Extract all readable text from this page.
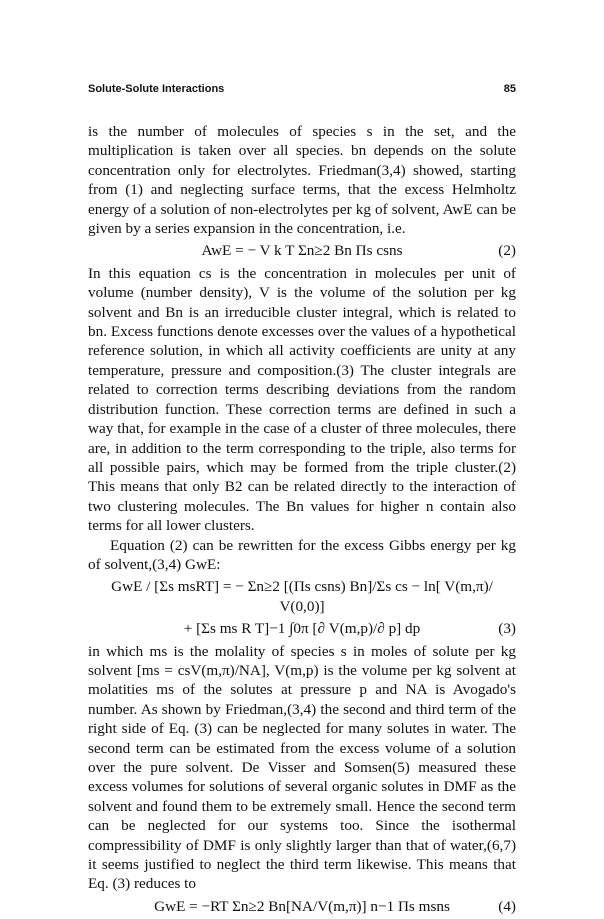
Solute-Solute Interactions	85

is the number of molecules of species s in the set, and the multiplication is taken over all species. bn depends on the solute concentration only for electrolytes. Friedman(3,4) showed, starting from (1) and neglecting surface terms, that the excess Helmholtz energy of a solution of non-electrolytes per kg of solvent, AwE can be given by a series expansion in the concentration, i.e.

AwE = − V k T Σn≥2 Bn Πs csns	(2)

In this equation cs is the concentration in molecules per unit of volume (number density), V is the volume of the solution per kg solvent and Bn is an irreducible cluster integral, which is related to bn. Excess functions denote excesses over the values of a hypothetical reference solution, in which all activity coefficients are unity at any temperature, pressure and composition.(3) The cluster integrals are related to correction terms describing deviations from the random distribution function. These correction terms are defined in such a way that, for example in the case of a cluster of three molecules, there are, in addition to the term corresponding to the triple, also terms for all possible pairs, which may be formed from the triple cluster.(2) This means that only B2 can be related directly to the interaction of two clustering molecules. The Bn values for higher n contain also terms for all lower clusters.

Equation (2) can be rewritten for the excess Gibbs energy per kg of solvent,(3,4) GwE:

GwE / [Σs msRT] = − Σn≥2 [(Πs csns) Bn]/Σs cs − ln[ V(m,π)/ V(0,0)]
+ [Σs ms R T]−1 ∫0π [∂ V(m,p)/∂ p] dp	(3)

in which ms is the molality of species s in moles of solute per kg solvent [ms = csV(m,π)/NA], V(m,p) is the volume per kg solvent at molatities ms of the solutes at pressure p and NA is Avogado's number. As shown by Friedman,(3,4) the second and third term of the right side of Eq. (3) can be neglected for many solutes in water. The second term can be estimated from the excess volume of a solution over the pure solvent. De Visser and Somsen(5) measured these excess volumes for solutions of several organic solutes in DMF as the solvent and found them to be extremely small. Hence the second term can be neglected for our systems too. Since the isothermal compressibility of DMF is only slightly larger than that of water,(6,7) it seems justified to neglect the third term likewise. This means that Eq. (3) reduces to

GwE = −RT Σn≥2 Bn[NA/V(m,π)] n−1 Πs msns	(4)
